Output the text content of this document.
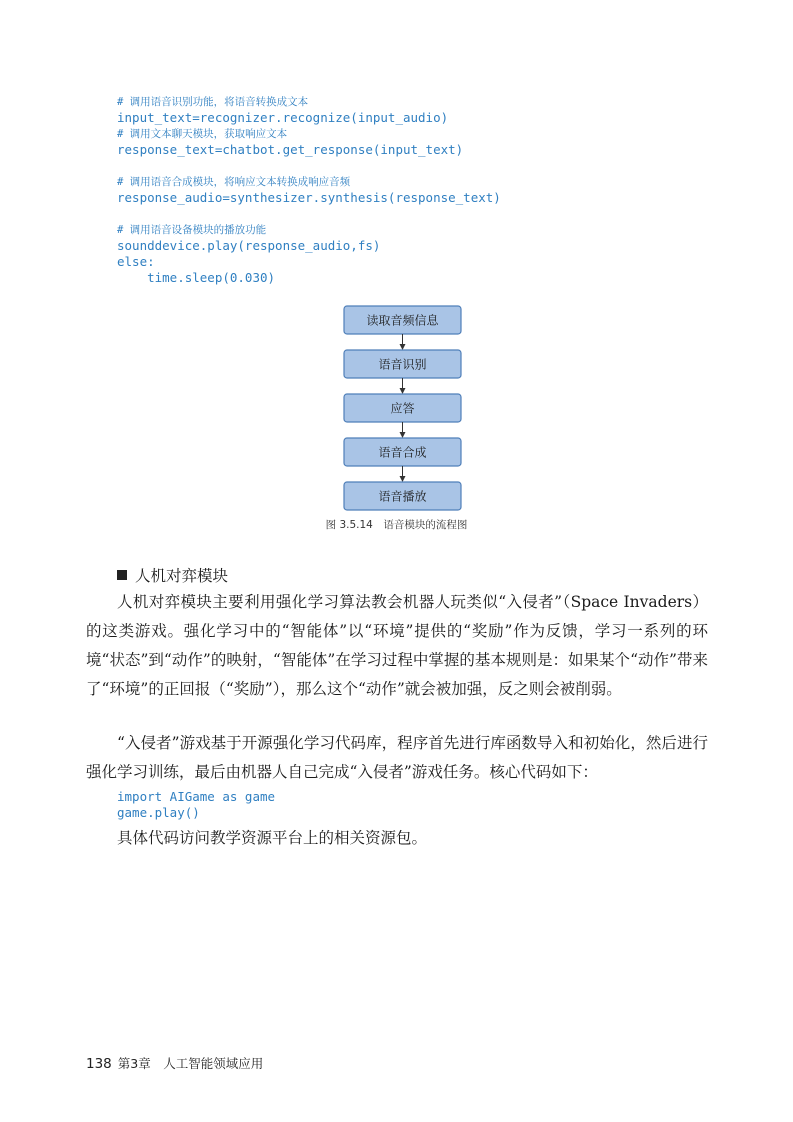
# 调用语音识别功能，将语音转换成文本
input_text=recognizer.recognize(input_audio)
# 调用文本聊天模块，获取响应文本
response_text=chatbot.get_response(input_text)
# 调用语音合成模块，将响应文本转换成响应音频
response_audio=synthesizer.synthesis(response_text)
# 调用语音设备模块的播放功能
sounddevice.play(response_audio,fs)
else:
time.sleep(0.030)
读取音频信息
语音识别
应答
语音合成
语音播放
图 3.5.14　语音模块的流程图
人机对弈模块

人机对弈模块主要利用强化学习算法教会机器人玩类似“入侵者”（Space Invaders）的这类游戏。强化学习中的“智能体”以“环境”提供的“奖励”作为反馈，学习一系列的环境“状态”到“动作”的映射，“智能体”在学习过程中掌握的基本规则是：如果某个“动作”带来了“环境”的正回报（“奖励”），那么这个“动作”就会被加强，反之则会被削弱。

“入侵者”游戏基于开源强化学习代码库，程序首先进行库函数导入和初始化，然后进行强化学习训练，最后由机器人自己完成“入侵者”游戏任务。核心代码如下：

import AIGame as game
game.play()

具体代码访问教学资源平台上的相关资源包。

138 第3章　人工智能领域应用
